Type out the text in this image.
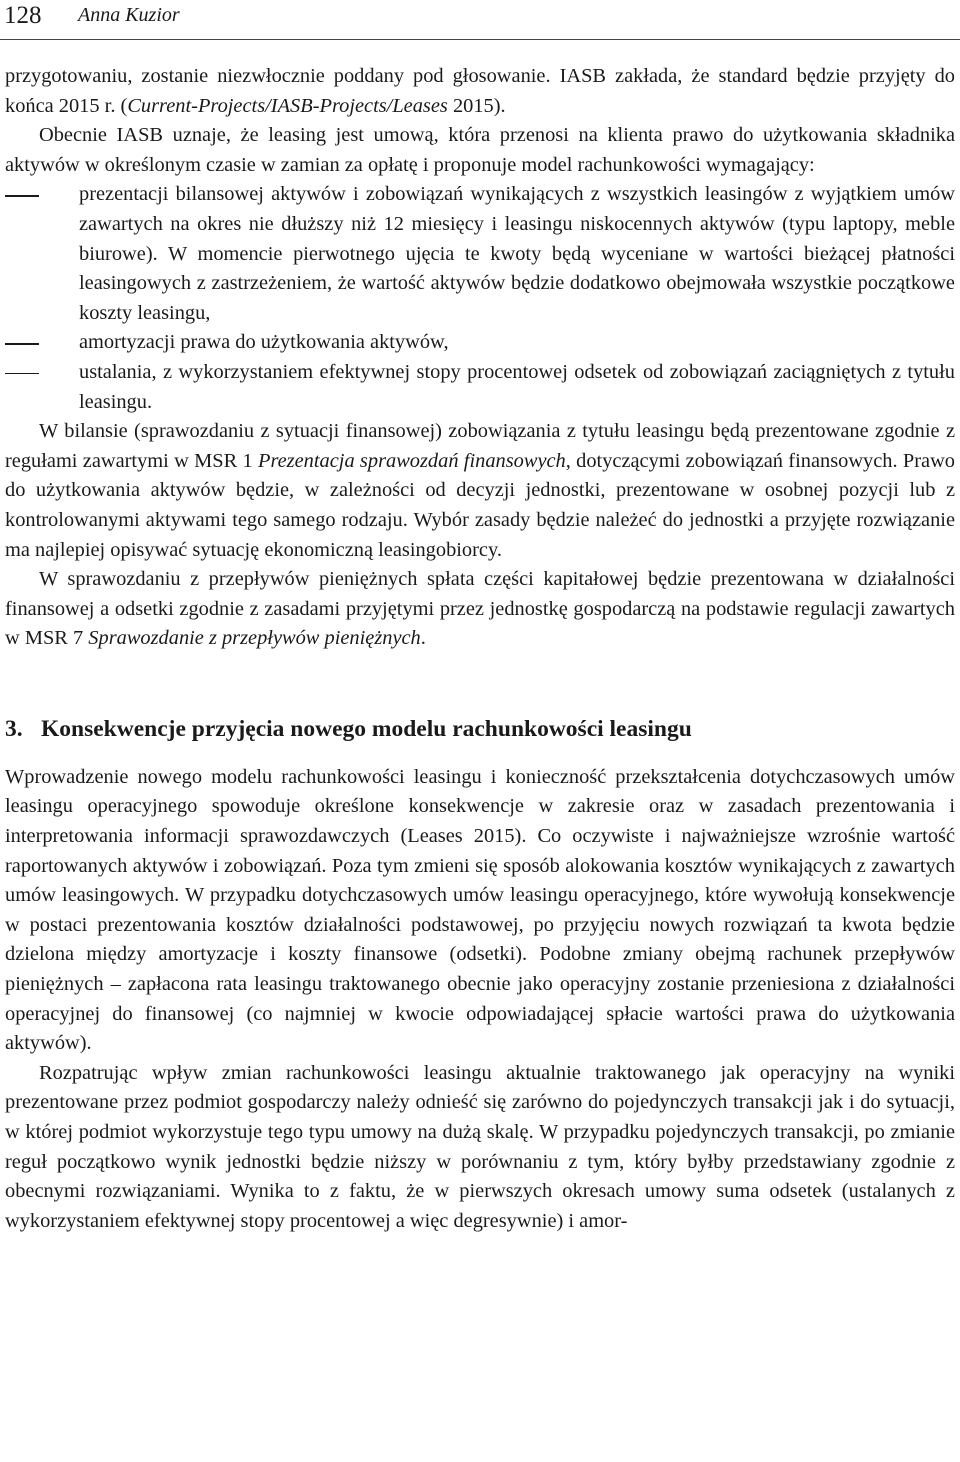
128 Anna Kuzior

przygotowaniu, zostanie niezwłocznie poddany pod głosowanie. IASB zakłada, że standard będzie przyjęty do końca 2015 r. (Current-Projects/IASB-Projects/Leases 2015).

Obecnie IASB uznaje, że leasing jest umową, która przenosi na klienta prawo do użytkowania składnika aktywów w określonym czasie w zamian za opłatę i proponuje model rachunkowości wymagający:

prezentacji bilansowej aktywów i zobowiązań wynikających z wszystkich leasingów z wyjątkiem umów zawartych na okres nie dłuższy niż 12 miesięcy i leasingu niskocennych aktywów (typu laptopy, meble biurowe). W momencie pierwotnego ujęcia te kwoty będą wyceniane w wartości bieżącej płatności leasingowych z zastrzeżeniem, że wartość aktywów będzie dodatkowo obejmowała wszystkie początkowe koszty leasingu,
amortyzacji prawa do użytkowania aktywów,
ustalania, z wykorzystaniem efektywnej stopy procentowej odsetek od zobowiązań zaciągniętych z tytułu leasingu.

W bilansie (sprawozdaniu z sytuacji finansowej) zobowiązania z tytułu leasingu będą prezentowane zgodnie z regułami zawartymi w MSR 1 Prezentacja sprawozdań finansowych, dotyczącymi zobowiązań finansowych. Prawo do użytkowania aktywów będzie, w zależności od decyzji jednostki, prezentowane w osobnej pozycji lub z kontrolowanymi aktywami tego samego rodzaju. Wybór zasady będzie należeć do jednostki a przyjęte rozwiązanie ma najlepiej opisywać sytuację ekonomiczną leasingobiorcy.

W sprawozdaniu z przepływów pieniężnych spłata części kapitałowej będzie prezentowana w działalności finansowej a odsetki zgodnie z zasadami przyjętymi przez jednostkę gospodarczą na podstawie regulacji zawartych w MSR 7 Sprawozdanie z przepływów pieniężnych.

3. Konsekwencje przyjęcia nowego modelu rachunkowości leasingu

Wprowadzenie nowego modelu rachunkowości leasingu i konieczność przekształcenia dotychczasowych umów leasingu operacyjnego spowoduje określone konsekwencje w zakresie oraz w zasadach prezentowania i interpretowania informacji sprawozdawczych (Leases 2015). Co oczywiste i najważniejsze wzrośnie wartość raportowanych aktywów i zobowiązań. Poza tym zmieni się sposób alokowania kosztów wynikających z zawartych umów leasingowych. W przypadku dotychczasowych umów leasingu operacyjnego, które wywołują konsekwencje w postaci prezentowania kosztów działalności podstawowej, po przyjęciu nowych rozwiązań ta kwota będzie dzielona między amortyzacje i koszty finansowe (odsetki). Podobne zmiany obejmą rachunek przepływów pieniężnych – zapłacona rata leasingu traktowanego obecnie jako operacyjny zostanie przeniesiona z działalności operacyjnej do finansowej (co najmniej w kwocie odpowiadającej spłacie wartości prawa do użytkowania aktywów).

Rozpatrując wpływ zmian rachunkowości leasingu aktualnie traktowanego jak operacyjny na wyniki prezentowane przez podmiot gospodarczy należy odnieść się zarówno do pojedynczych transakcji jak i do sytuacji, w której podmiot wykorzystuje tego typu umowy na dużą skalę. W przypadku pojedynczych transakcji, po zmianie reguł początkowo wynik jednostki będzie niższy w porównaniu z tym, który byłby przedstawiany zgodnie z obecnymi rozwiązaniami. Wynika to z faktu, że w pierwszych okresach umowy suma odsetek (ustalanych z wykorzystaniem efektywnej stopy procentowej a więc degresywnie) i amor-
